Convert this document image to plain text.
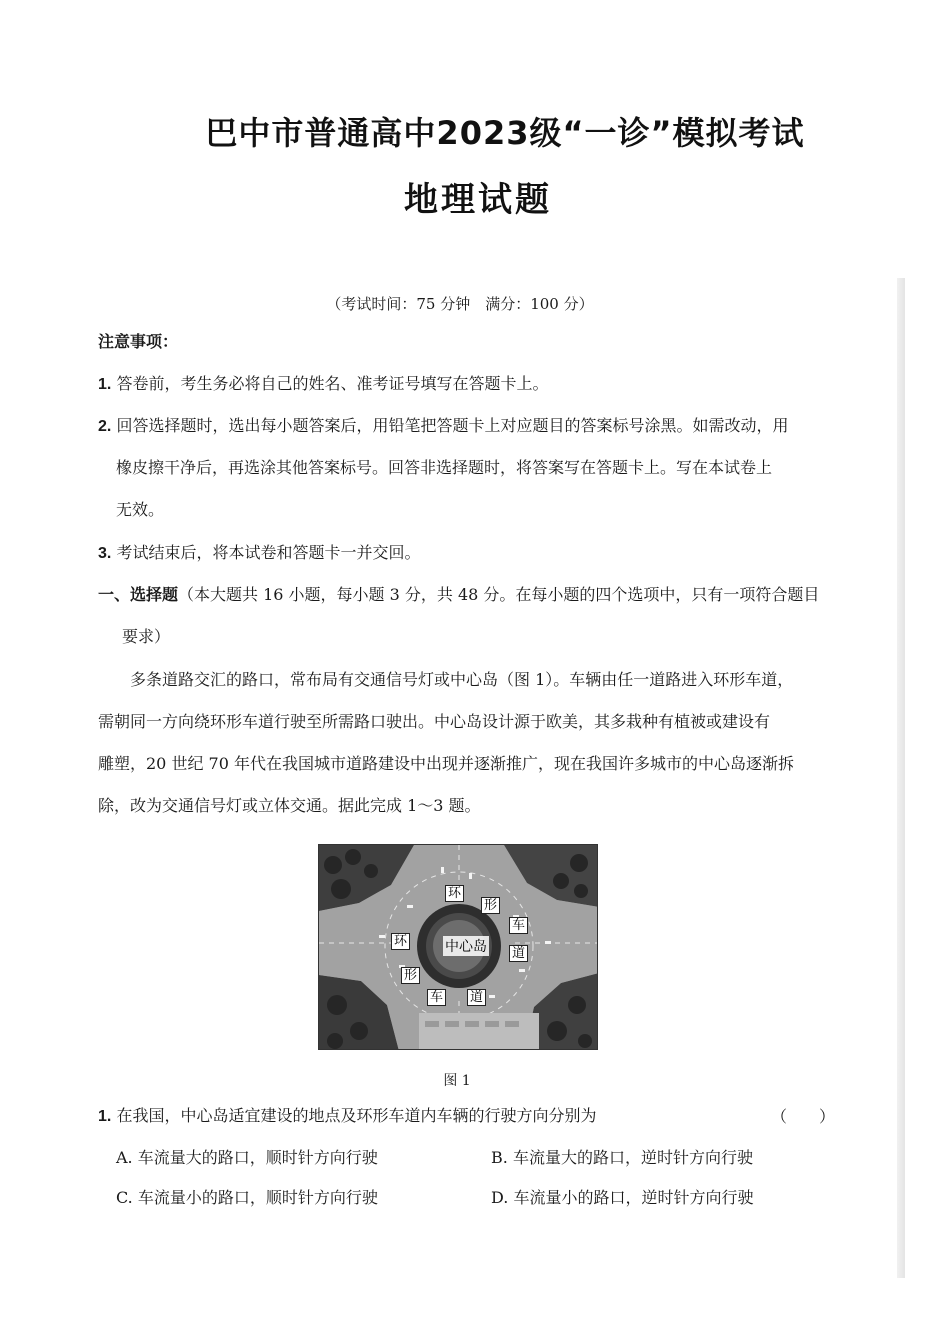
巴中市普通高中2023级“一诊”模拟考试
地理试题
（考试时间：75 分钟　满分：100 分）
注意事项：
1. 答卷前，考生务必将自己的姓名、准考证号填写在答题卡上。
2. 回答选择题时，选出每小题答案后，用铅笔把答题卡上对应题目的答案标号涂黑。如需改动，用
橡皮擦干净后，再选涂其他答案标号。回答非选择题时，将答案写在答题卡上。写在本试卷上
无效。
3. 考试结束后，将本试卷和答题卡一并交回。
一、选择题（本大题共 16 小题，每小题 3 分，共 48 分。在每小题的四个选项中，只有一项符合题目
要求）
多条道路交汇的路口，常布局有交通信号灯或中心岛（图 1）。车辆由任一道路进入环形车道，
需朝同一方向绕环形车道行驶至所需路口驶出。中心岛设计源于欧美，其多栽种有植被或建设有
雕塑，20 世纪 70 年代在我国城市道路建设中出现并逐渐推广，现在我国许多城市的中心岛逐渐拆
除，改为交通信号灯或立体交通。据此完成 1～3 题。
环
形
车
道
环
形
车 道
中心岛
图 1
1. 在我国，中心岛适宜建设的地点及环形车道内车辆的行驶方向分别为	（　　）
A. 车流量大的路口，顺时针方向行驶	B. 车流量大的路口，逆时针方向行驶
C. 车流量小的路口，顺时针方向行驶	D. 车流量小的路口，逆时针方向行驶
